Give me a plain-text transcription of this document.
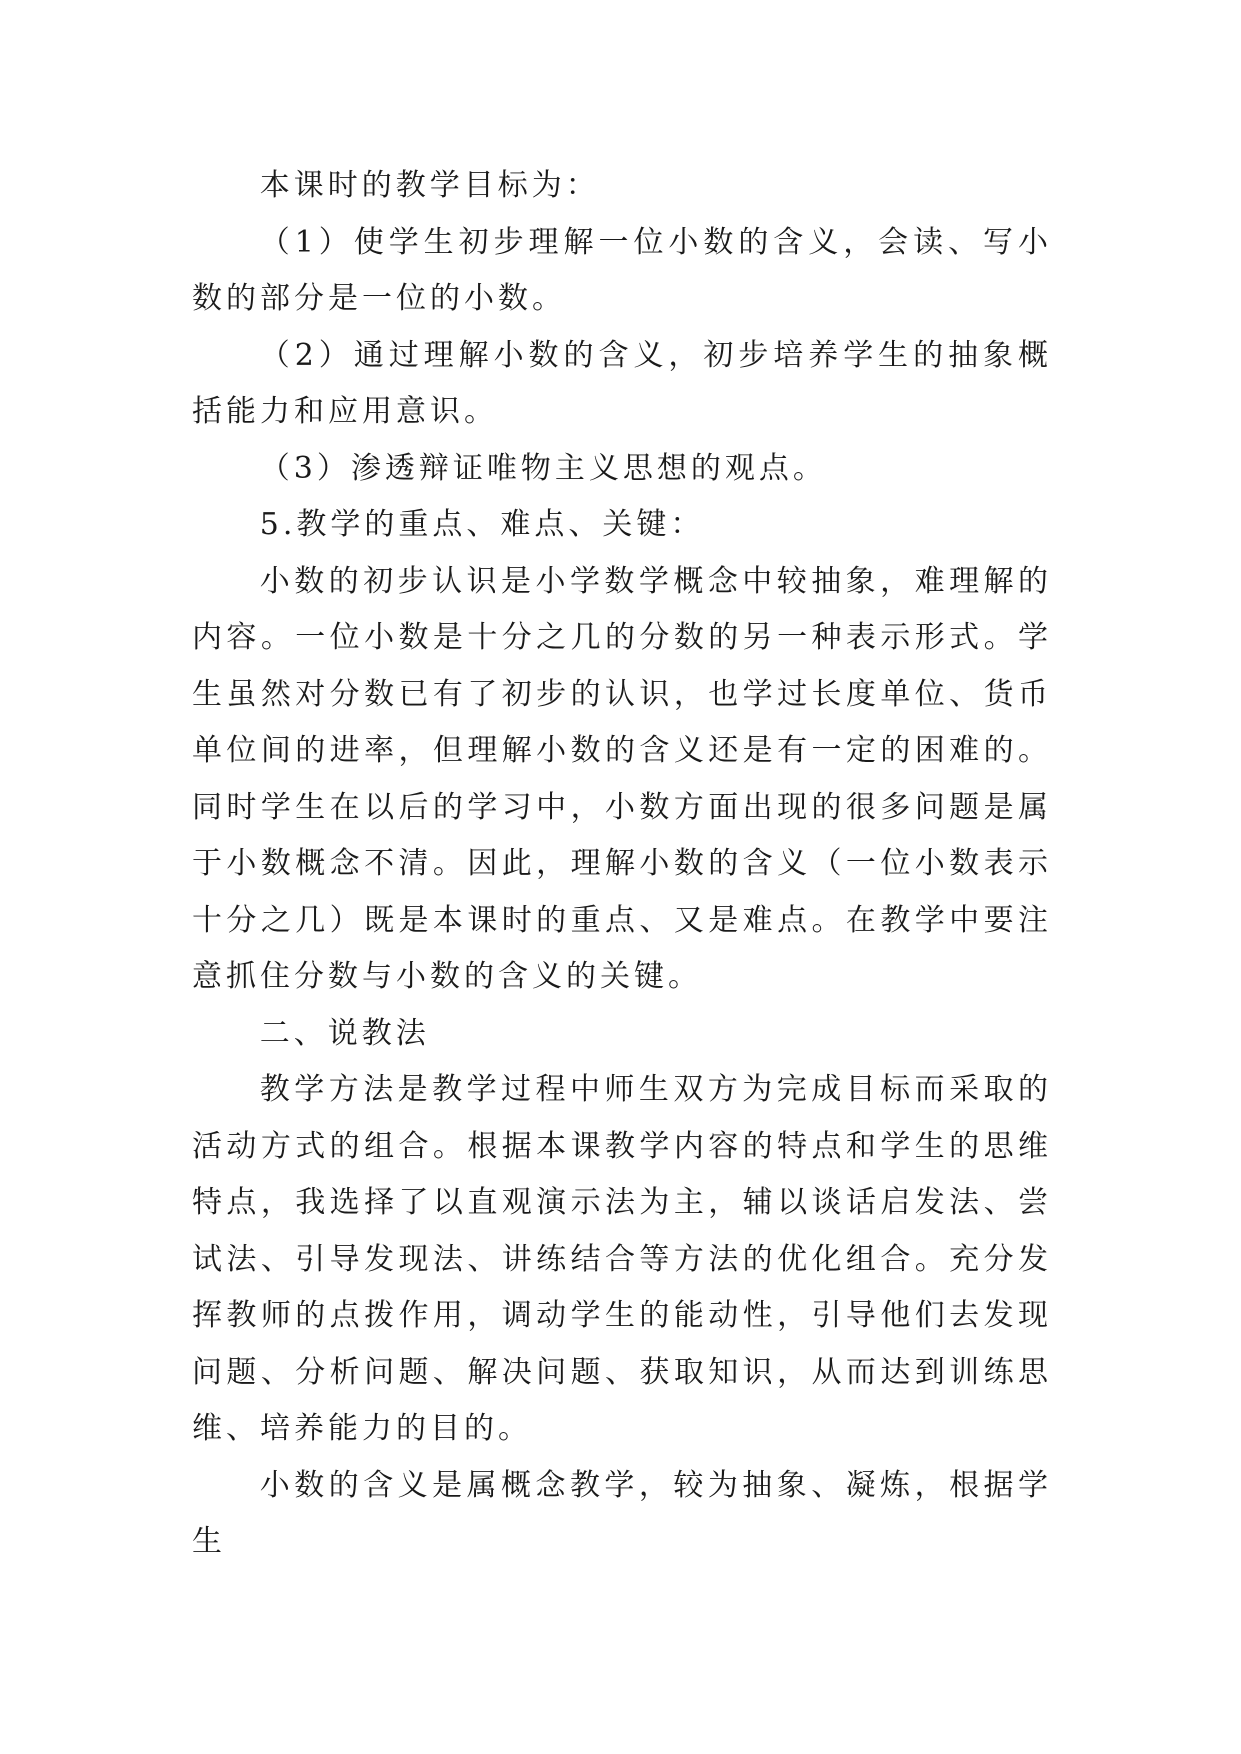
本课时的教学目标为：

（1）使学生初步理解一位小数的含义，会读、写小数的部分是一位的小数。

（2）通过理解小数的含义，初步培养学生的抽象概括能力和应用意识。

（3）渗透辩证唯物主义思想的观点。

5.教学的重点、难点、关键：

小数的初步认识是小学数学概念中较抽象，难理解的内容。一位小数是十分之几的分数的另一种表示形式。学生虽然对分数已有了初步的认识，也学过长度单位、货币单位间的进率，但理解小数的含义还是有一定的困难的。同时学生在以后的学习中，小数方面出现的很多问题是属于小数概念不清。因此，理解小数的含义（一位小数表示十分之几）既是本课时的重点、又是难点。在教学中要注意抓住分数与小数的含义的关键。

二、说教法

教学方法是教学过程中师生双方为完成目标而采取的活动方式的组合。根据本课教学内容的特点和学生的思维特点，我选择了以直观演示法为主，辅以谈话启发法、尝试法、引导发现法、讲练结合等方法的优化组合。充分发挥教师的点拨作用，调动学生的能动性，引导他们去发现问题、分析问题、解决问题、获取知识，从而达到训练思维、培养能力的目的。

小数的含义是属概念教学，较为抽象、凝炼，根据学生
